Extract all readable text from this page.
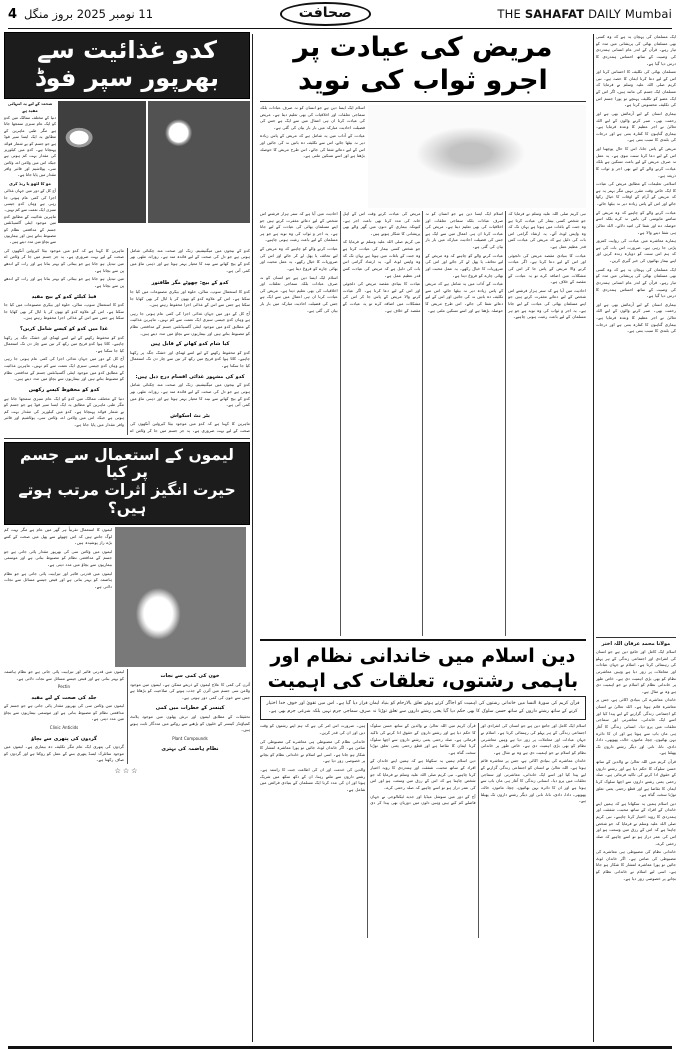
4 11 نومبر 2025 بروز منگل	صحافت	THE SAHAFAT DAILY Mumbai
کدو غذائیت سے بھرپور سپر فوڈ
صحت کے لیے یہ انتہائی مفید ہے
دنیا کے مختلف ممالک میں کدو کو ایک عام سبزی سمجھا جاتا ہے مگر طبی ماہرین کے مطابق یہ ایک ایسا سپر فوڈ ہے جو جسم کو بے شمار فوائد پہنچاتا ہے۔ کدو میں کیلوریز کی مقدار بہت کم ہوتی ہے جبکہ اس میں وٹامن اے، وٹامن سی، پوٹاشیم اور فائبر وافر مقدار میں پایا جاتا ہے۔
مو کا لٹھو یا ربڈ کری
آج کل کے دور میں جہاں غذائی اجزا کی کمی عام ہوتی جا رہی ہے وہاں کدو جیسی سبزی ایک نعمت سے کم نہیں۔ ماہرین غذائیت کے مطابق کدو میں موجود اینٹی آکسیڈنٹس جسم کے مدافعتی نظام کو مضبوط بناتے ہیں اور بیماریوں سے بچاؤ میں مدد دیتے ہیں۔

کدو کے بیجوں میں میگنیشیم، زنک اور صحت مند چکنائی شامل ہوتی ہے جو دل کی صحت کے لیے فائدہ مند ہے۔ روزانہ مٹھی بھر کدو کے بیج کھانے سے نیند کا معیار بہتر ہوتا ہے اور ذہنی تناؤ میں کمی آتی ہے۔

ماہرین کا کہنا ہے کہ کدو میں موجود بیٹا کیروٹین آنکھوں کی صحت کے لیے بہت ضروری ہے۔ یہ جز جسم میں جا کر وٹامن اے میں تبدیل ہو جاتا ہے جو بینائی کو بہتر بناتا ہے اور رات کے اندھے پن سے بچاتا ہے۔

کدو کے بیج: چھوٹے مگر طاقتور

کدو کا استعمال سوپ، سالن، حلوہ اور بیکری مصنوعات میں کیا جا سکتا ہے۔ اس کے علاوہ کدو کو بھون کر یا ابال کر بھی کھایا جا سکتا ہے جس سے اس کے غذائی اجزا محفوظ رہتے ہیں۔

آج کل کے دور میں جہاں غذائی اجزا کی کمی عام ہوتی جا رہی ہے وہاں کدو جیسی سبزی ایک نعمت سے کم نہیں۔ ماہرین غذائیت کے مطابق کدو میں موجود اینٹی آکسیڈنٹس جسم کے مدافعتی نظام کو مضبوط بناتے ہیں اور بیماریوں سے بچاؤ میں مدد دیتے ہیں۔

کیا شام کدو کھانے کے قابل ہیں

کدو کو محفوظ رکھنے کے لیے اسے ٹھنڈی اور خشک جگہ پر رکھنا چاہیے۔ کاٹا ہوا کدو فریج میں رکھ کر تین سے چار دن تک استعمال کیا جا سکتا ہے۔

کدو کی مشہور غذائی اقسام درج ذیل ہیں:

کدو کے بیجوں میں میگنیشیم، زنک اور صحت مند چکنائی شامل ہوتی ہے جو دل کی صحت کے لیے فائدہ مند ہے۔ روزانہ مٹھی بھر کدو کے بیج کھانے سے نیند کا معیار بہتر ہوتا ہے اور ذہنی تناؤ میں کمی آتی ہے۔

بٹر نٹ اسکواش

ماہرین کا کہنا ہے کہ کدو میں موجود بیٹا کیروٹین آنکھوں کی صحت کے لیے بہت ضروری ہے۔ یہ جز جسم میں جا کر وٹامن اے میں تبدیل ہو جاتا ہے جو بینائی کو بہتر بناتا ہے اور رات کے اندھے پن سے بچاتا ہے۔

فیڈ کیلئے کدو کے بیج مفید

کدو کا استعمال سوپ، سالن، حلوہ اور بیکری مصنوعات میں کیا جا سکتا ہے۔ اس کے علاوہ کدو کو بھون کر یا ابال کر بھی کھایا جا سکتا ہے جس سے اس کے غذائی اجزا محفوظ رہتے ہیں۔

غذا میں کدو کو کیسے شامل کریں؟

کدو کو محفوظ رکھنے کے لیے اسے ٹھنڈی اور خشک جگہ پر رکھنا چاہیے۔ کاٹا ہوا کدو فریج میں رکھ کر تین سے چار دن تک استعمال کیا جا سکتا ہے۔

آج کل کے دور میں جہاں غذائی اجزا کی کمی عام ہوتی جا رہی ہے وہاں کدو جیسی سبزی ایک نعمت سے کم نہیں۔ ماہرین غذائیت کے مطابق کدو میں موجود اینٹی آکسیڈنٹس جسم کے مدافعتی نظام کو مضبوط بناتے ہیں اور بیماریوں سے بچاؤ میں مدد دیتے ہیں۔

کدو کو محفوظ کیسے رکھیں

دنیا کے مختلف ممالک میں کدو کو ایک عام سبزی سمجھا جاتا ہے مگر طبی ماہرین کے مطابق یہ ایک ایسا سپر فوڈ ہے جو جسم کو بے شمار فوائد پہنچاتا ہے۔ کدو میں کیلوریز کی مقدار بہت کم ہوتی ہے جبکہ اس میں وٹامن اے، وٹامن سی، پوٹاشیم اور فائبر وافر مقدار میں پایا جاتا ہے۔

لیموں کے استعمال سے جسم پر کیا
حیرت انگیز اثرات مرتب ہوتے ہیں؟

لیموں کا استعمال تقریباً ہر گھر میں عام ہے مگر بہت کم لوگ جانتے ہیں کہ اس چھوٹے سے پھل میں صحت کے کتنے بڑے راز پوشیدہ ہیں۔

لیموں میں وٹامن سی کی بھرپور مقدار پائی جاتی ہے جو جسم کے مدافعتی نظام کو مضبوط بناتی ہے اور موسمی بیماریوں سے بچاؤ میں مدد دیتی ہے۔

لیموں میں قدرتی فائبر اور تیزابیت پائی جاتی ہے جو نظام ہاضمہ کو بہتر بناتی ہے اور قبض جیسے مسائل سے نجات دلاتی ہے۔

خون کی کمی سے نجات

آئرن کی کمی کا علاج لیموں کے ذریعے ممکن ہے۔ لیموں میں موجود وٹامن سی جسم میں آئرن کے جذب ہونے کی صلاحیت کو بڑھاتا ہے جس سے خون کی کمی دور ہوتی ہے۔

کینسر کے خطرات میں کمی

تحقیقات کے مطابق لیموں اور ترش پھلوں میں موجود پلانٹ کمپاؤنڈز کینسر کے خلیوں کو بڑھنے سے روکنے میں مددگار ثابت ہوتے ہیں۔

Plant Compounds
نظام ہاضمہ کی بہتری

لیموں میں قدرتی فائبر اور تیزابیت پائی جاتی ہے جو نظام ہاضمہ کو بہتر بناتی ہے اور قبض جیسے مسائل سے نجات دلاتی ہے۔

Pectin
جلد کی صحت کے لیے مفید

لیموں میں وٹامن سی کی بھرپور مقدار پائی جاتی ہے جو جسم کے مدافعتی نظام کو مضبوط بناتی ہے اور موسمی بیماریوں سے بچاؤ میں مدد دیتی ہے۔

Clinic Anticids
گردوں کی پتھری سے بچاؤ

گردوں کی پتھری ایک عام مگر تکلیف دہ بیماری ہے۔ لیموں میں موجود سائٹرک ایسڈ پتھری بننے کے عمل کو روکتا ہے اور گردوں کو صاف رکھتا ہے۔

☆☆☆
مریض کی عیادت پر اجرو ثواب کی نوید

اسلام ایک ایسا دین ہے جو انسان کو نہ صرف عبادات بلکہ سماجی تعلقات اور اخلاقیات کی بھی تعلیم دیتا ہے۔ مریض کی عیادت کرنا ان ہی اعمال میں سے ایک ہے جس کی فضیلت احادیث مبارکہ میں بار بار بیان کی گئی ہے۔

عیادت کے آداب میں یہ شامل ہے کہ مریض کے پاس زیادہ دیر نہ بیٹھا جائے، اس سے تکلیف دہ باتیں نہ کی جائیں اور اس کے لیے دعائے شفا کی جائے۔ اس طرح مریض کا حوصلہ بڑھتا ہے اور اسے تسکین ملتی ہے۔

نبی کریم صلی اللہ علیہ وسلم نے فرمایا کہ جو شخص کسی بیمار کی عیادت کرتا ہے وہ جنت کے باغات میں ہوتا ہے یہاں تک کہ وہ واپس لوٹ آئے۔ یہ ارشاد گرامی اس بات کی دلیل ہے کہ مریض کی عیادت کس قدر عظیم عمل ہے۔

عیادت کا بنیادی مقصد مریض کی دلجوئی اور اس کے لیے دعا کرنا ہے۔ اگر عیادت کرنے والا مریض کے پاس جا کر اس کی مشکلات میں اضافہ کرے تو یہ عیادت کے مقصد کے خلاف ہے۔

احادیث میں آیا ہے کہ ستر ہزار فرشتے اس شخص کے لیے دعائے مغفرت کرتے ہیں جو اپنے مسلمان بھائی کی عیادت کے لیے جاتا ہے۔ یہ اجر و ثواب کی وہ نوید ہے جو ہر مسلمان کے لیے باعث رغبت ہونی چاہیے۔

اسلام ایک ایسا دین ہے جو انسان کو نہ صرف عبادات بلکہ سماجی تعلقات اور اخلاقیات کی بھی تعلیم دیتا ہے۔ مریض کی عیادت کرنا ان ہی اعمال میں سے ایک ہے جس کی فضیلت احادیث مبارکہ میں بار بار بیان کی گئی ہے۔

عیادت کرنے والے کو چاہیے کہ وہ مریض کے لیے تحائف یا پھل لے کر جائے اور اس کی ضروریات کا خیال رکھے۔ یہ عمل محبت اور بھائی چارے کو فروغ دیتا ہے۔

عیادت کے آداب میں یہ شامل ہے کہ مریض کے پاس زیادہ دیر نہ بیٹھا جائے، اس سے تکلیف دہ باتیں نہ کی جائیں اور اس کے لیے دعائے شفا کی جائے۔ اس طرح مریض کا حوصلہ بڑھتا ہے اور اسے تسکین ملتی ہے۔

مریض کی عیادت کرتے وقت اس کے اہل خانہ کی مدد کرنا بھی باعث اجر ہے۔ کیونکہ بیماری کے دنوں میں گھر والے بھی پریشانی کا شکار ہوتے ہیں۔

نبی کریم صلی اللہ علیہ وسلم نے فرمایا کہ جو شخص کسی بیمار کی عیادت کرتا ہے وہ جنت کے باغات میں ہوتا ہے یہاں تک کہ وہ واپس لوٹ آئے۔ یہ ارشاد گرامی اس بات کی دلیل ہے کہ مریض کی عیادت کس قدر عظیم عمل ہے۔

عیادت کا بنیادی مقصد مریض کی دلجوئی اور اس کے لیے دعا کرنا ہے۔ اگر عیادت کرنے والا مریض کے پاس جا کر اس کی مشکلات میں اضافہ کرے تو یہ عیادت کے مقصد کے خلاف ہے۔

احادیث میں آیا ہے کہ ستر ہزار فرشتے اس شخص کے لیے دعائے مغفرت کرتے ہیں جو اپنے مسلمان بھائی کی عیادت کے لیے جاتا ہے۔ یہ اجر و ثواب کی وہ نوید ہے جو ہر مسلمان کے لیے باعث رغبت ہونی چاہیے۔

عیادت کرنے والے کو چاہیے کہ وہ مریض کے لیے تحائف یا پھل لے کر جائے اور اس کی ضروریات کا خیال رکھے۔ یہ عمل محبت اور بھائی چارے کو فروغ دیتا ہے۔

اسلام ایک ایسا دین ہے جو انسان کو نہ صرف عبادات بلکہ سماجی تعلقات اور اخلاقیات کی بھی تعلیم دیتا ہے۔ مریض کی عیادت کرنا ان ہی اعمال میں سے ایک ہے جس کی فضیلت احادیث مبارکہ میں بار بار بیان کی گئی ہے۔

دین اسلام میں خاندانی نظام اور
باہمی رشتوں، تعلقات کی اہمیت
قرآن کریم کی سورۃ النسا میں خاندانی رشتوں کی اہمیت کو اجاگر کرتے ہوئے تعلق بالارحام کو بنیاد ایمان قرار دیا گیا ہے۔ اس میں تقویٰ اور خوف خدا اختیار کرنے کے ساتھ رشتے داروں کے ساتھ حسن سلوک کا بھی حکم دیا گیا یعنی رشتے داروں سے تعلق توڑنا نہ صرف سماجی جرم نہیں بلکہ شرعی جرم بھی ہے۔

اسلام ایک کامل اور جامع دین ہے جو انسان کی انفرادی اور اجتماعی زندگی کے ہر پہلو کی رہنمائی کرتا ہے۔ اسلام نے جہاں عبادات اور معاملات پر زور دیا ہے وہیں معاشرتی نظام کو بھی بڑی اہمیت دی ہے۔ خاص طور پر خاندانی نظام کو اسلام نے جو اہمیت دی ہے وہ بے مثال ہے۔

خاندان معاشرے کی بنیادی اکائی ہے، جس پر معاشرہ قائم ہوتا ہے۔ اللہ تعالیٰ نے انسان کو اجتماعی زندگی گزارنے کے لیے پیدا کیا اور اسے ایک خاندانی، معاشرتی اور سماجی تعلقات میں پرو دیا۔ انسانی زندگی کا آغاز ہی ماں باپ سے ہوتا ہے اور ان کا دائرہ بہن بھائیوں، چچا، ماموں، خالہ، پھوپھی، دادا، دادی، نانا، نانی اور دیگر رشتے داروں تک پھیلتا ہے۔

قرآن کریم میں اللہ تعالیٰ نے والدین کے ساتھ حسن سلوک کا حکم دیا ہے اور رشتے داروں کے حقوق ادا کرنے کی تاکید فرمائی ہے۔ صلہ رحمی یعنی رشتے داروں سے اچھا سلوک کرنا ایمان کا تقاضا ہے اور قطع رحمی یعنی تعلق توڑنا سخت گناہ ہے۔

دین اسلام ہمیں یہ سکھاتا ہے کہ ہمیں اپنے خاندان کے افراد کے ساتھ محبت، شفقت اور ہمدردی کا رویہ اختیار کرنا چاہیے۔ نبی کریم صلی اللہ علیہ وسلم نے فرمایا کہ جو شخص چاہتا ہے کہ اس کے رزق میں وسعت ہو اور اس کی عمر دراز ہو تو اسے چاہیے کہ صلہ رحمی کرے۔

آج کے دور میں سوشل میڈیا اور جدید ٹیکنالوجی نے جہاں فاصلے کم کیے ہیں وہیں دلوں میں دوریاں بھی پیدا کر دی ہیں۔ ضرورت اس امر کی ہے کہ ہم اپنے رشتوں کو وقت دیں اور ان کی قدر کریں۔

خاندانی نظام کی مضبوطی ہی معاشرے کی مضبوطی کی ضامن ہے۔ اگر خاندان ٹوٹ جائیں تو پورا معاشرہ انتشار کا شکار ہو جاتا ہے۔ اسی لیے اسلام نے خاندانی نظام کو بچانے پر خصوصی زور دیا ہے۔

والدین کی خدمت اور ان کی اطاعت جنت کا راستہ ہے۔ رشتے داروں سے ملتے رہنا، ان کے دکھ سکھ میں شریک ہونا اور ان کی مدد کرنا ایک مسلمان کے بنیادی فرائض میں شامل ہے۔

ایک مسلمان کی پہچان یہ ہے کہ وہ کسی بھی مسلمان بھائی کی پریشانی میں مدد کو تیار رہے۔ قرآن کے اندر عام انسانی ہمدردی کی وصیت کے ساتھ احساس ہمدردی کا درس دیا گیا ہے۔

مسلمان بھائی کی تکلیف کا احساس کرنا اور اس کے لیے دعا کرنا ایمان کا حصہ ہے۔ نبی کریم صلی اللہ علیہ وسلم نے فرمایا کہ مسلمان ایک جسم کی مانند ہیں، اگر اس کے ایک عضو کو تکلیف پہنچے تو پورا جسم اس کی تکلیف محسوس کرتا ہے۔

بیماری انسان کے لیے آزمائش بھی ہے اور رحمت بھی۔ صبر کرنے والوں کے لیے اللہ تعالیٰ نے اجر عظیم کا وعدہ فرمایا ہے۔ بیماری گناہوں کا کفارہ بنتی ہے اور درجات کی بلندی کا سبب بنتی ہے۔

مریض کے پاس جانا، اس کا حال پوچھنا اور اس کے لیے دعا کرنا سنت نبوی ہے۔ یہ عمل نہ صرف مریض کے لیے باعث تسکین ہے بلکہ عیادت کرنے والے کے لیے بھی اجر و ثواب کا ذریعہ ہے۔

اسلامی تعلیمات کے مطابق مریض کی عیادت کا ایک خاص وقت مقرر نہیں مگر بہتر یہ ہے کہ مریض کے آرام کے اوقات کا خیال رکھا جائے اور اس کے پاس زیادہ دیر نہ بیٹھا جائے۔

عیادت کرنے والے کو چاہیے کہ وہ مریض کے سامنے مایوسی کی باتیں نہ کرے بلکہ اسے حوصلہ دے اور شفا کی امید دلائے۔ اللہ تعالیٰ ہی شفا دینے والا ہے۔

ہمارے معاشرے میں عیادت کی روایت کمزور پڑتی جا رہی ہے۔ ضرورت اس بات کی ہے کہ ہم اس سنت کو دوبارہ زندہ کریں اور اپنے بیمار بھائیوں کی خبر گیری کریں۔

ایک مسلمان کی پہچان یہ ہے کہ وہ کسی بھی مسلمان بھائی کی پریشانی میں مدد کو تیار رہے۔ قرآن کے اندر عام انسانی ہمدردی کی وصیت کے ساتھ احساس ہمدردی کا درس دیا گیا ہے۔

بیماری انسان کے لیے آزمائش بھی ہے اور رحمت بھی۔ صبر کرنے والوں کے لیے اللہ تعالیٰ نے اجر عظیم کا وعدہ فرمایا ہے۔ بیماری گناہوں کا کفارہ بنتی ہے اور درجات کی بلندی کا سبب بنتی ہے۔

مولانا محمد عرفان اللہ اختر

اسلام ایک کامل اور جامع دین ہے جو انسان کی انفرادی اور اجتماعی زندگی کے ہر پہلو کی رہنمائی کرتا ہے۔ اسلام نے جہاں عبادات اور معاملات پر زور دیا ہے وہیں معاشرتی نظام کو بھی بڑی اہمیت دی ہے۔ خاص طور پر خاندانی نظام کو اسلام نے جو اہمیت دی ہے وہ بے مثال ہے۔

خاندان معاشرے کی بنیادی اکائی ہے، جس پر معاشرہ قائم ہوتا ہے۔ اللہ تعالیٰ نے انسان کو اجتماعی زندگی گزارنے کے لیے پیدا کیا اور اسے ایک خاندانی، معاشرتی اور سماجی تعلقات میں پرو دیا۔ انسانی زندگی کا آغاز ہی ماں باپ سے ہوتا ہے اور ان کا دائرہ بہن بھائیوں، چچا، ماموں، خالہ، پھوپھی، دادا، دادی، نانا، نانی اور دیگر رشتے داروں تک پھیلتا ہے۔

قرآن کریم میں اللہ تعالیٰ نے والدین کے ساتھ حسن سلوک کا حکم دیا ہے اور رشتے داروں کے حقوق ادا کرنے کی تاکید فرمائی ہے۔ صلہ رحمی یعنی رشتے داروں سے اچھا سلوک کرنا ایمان کا تقاضا ہے اور قطع رحمی یعنی تعلق توڑنا سخت گناہ ہے۔

دین اسلام ہمیں یہ سکھاتا ہے کہ ہمیں اپنے خاندان کے افراد کے ساتھ محبت، شفقت اور ہمدردی کا رویہ اختیار کرنا چاہیے۔ نبی کریم صلی اللہ علیہ وسلم نے فرمایا کہ جو شخص چاہتا ہے کہ اس کے رزق میں وسعت ہو اور اس کی عمر دراز ہو تو اسے چاہیے کہ صلہ رحمی کرے۔

خاندانی نظام کی مضبوطی ہی معاشرے کی مضبوطی کی ضامن ہے۔ اگر خاندان ٹوٹ جائیں تو پورا معاشرہ انتشار کا شکار ہو جاتا ہے۔ اسی لیے اسلام نے خاندانی نظام کو بچانے پر خصوصی زور دیا ہے۔
